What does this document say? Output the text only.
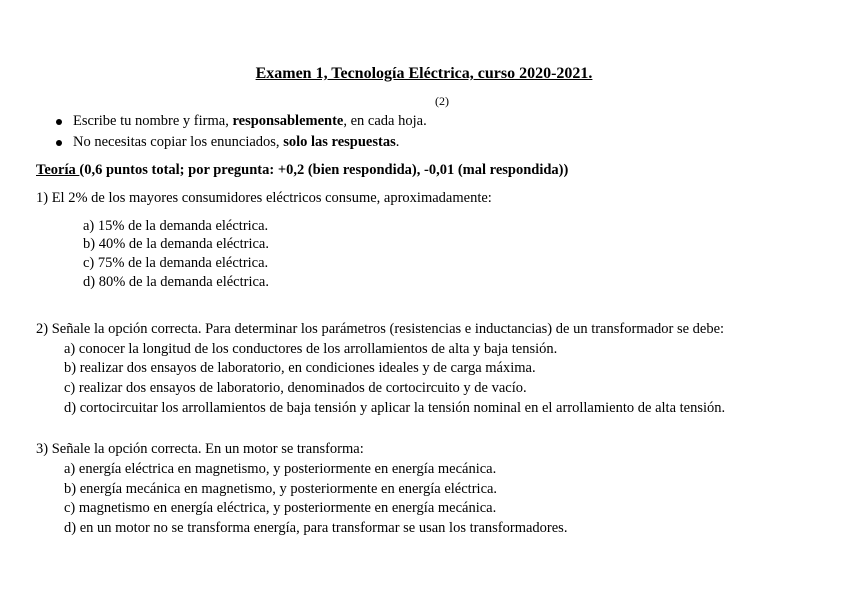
Examen 1, Tecnología Eléctrica, curso 2020-2021.
(2)
Escribe tu nombre y firma, responsablemente, en cada hoja.
No necesitas copiar los enunciados, solo las respuestas.
Teoría (0,6 puntos total; por pregunta: +0,2 (bien respondida), -0,01 (mal respondida))
1) El 2% de los mayores consumidores eléctricos consume, aproximadamente:
a) 15% de la demanda eléctrica.
b) 40% de la demanda eléctrica.
c) 75% de la demanda eléctrica.
d) 80% de la demanda eléctrica.
2) Señale la opción correcta. Para determinar los parámetros (resistencias e inductancias) de un transformador se debe:
a) conocer la longitud de los conductores de los arrollamientos de alta y baja tensión.
b) realizar dos ensayos de laboratorio, en condiciones ideales y de carga máxima.
c) realizar dos ensayos de laboratorio, denominados de cortocircuito y de vacío.
d) cortocircuitar los arrollamientos de baja tensión y aplicar la tensión nominal en el arrollamiento de alta tensión.
3) Señale la opción correcta. En un motor se transforma:
a) energía eléctrica en magnetismo, y posteriormente en energía mecánica.
b) energía mecánica en magnetismo, y posteriormente en energía eléctrica.
c) magnetismo en energía eléctrica, y posteriormente en energía mecánica.
d) en un motor no se transforma energía, para transformar se usan los transformadores.
